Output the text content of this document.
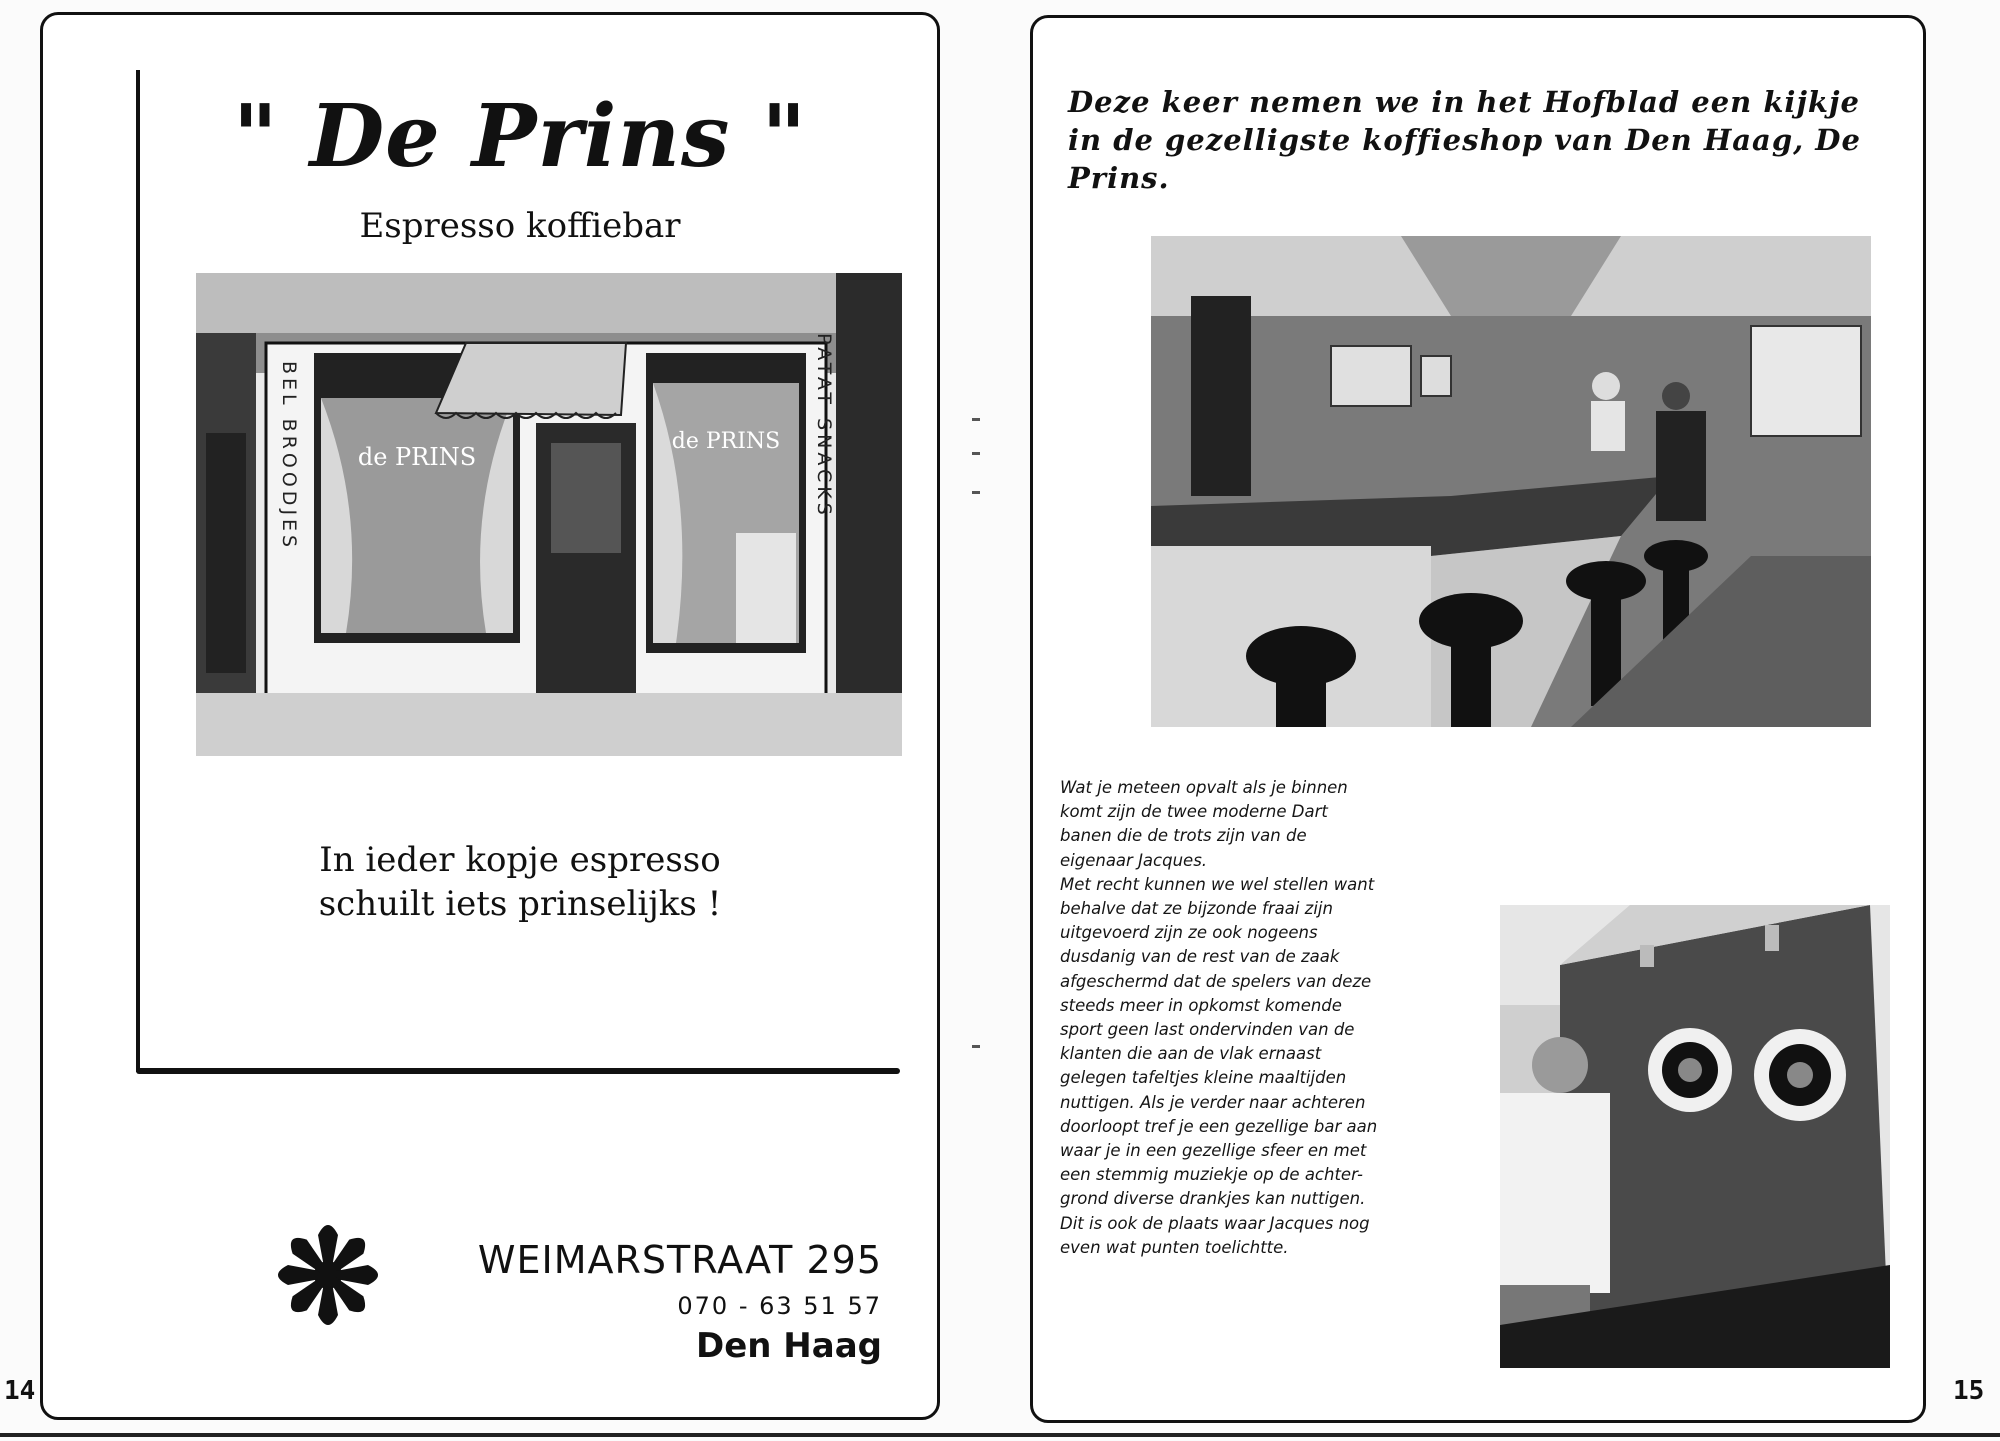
" De Prins "
Espresso koffiebar
de PRINS
de PRINS
BEL BROODJES	PATAT SNACKS
In ieder kopje espresso
schuilt iets prinselijks !
WEIMARSTRAAT 295
070 - 63 51 57
Den Haag
14
Deze keer nemen we in het Hofblad een kijkje in de gezelligste koffieshop van Den Haag, De Prins.
Wat je meteen opvalt als je binnen
komt zijn de twee moderne Dart
banen die de trots zijn van de
eigenaar Jacques.
Met recht kunnen we wel stellen want
behalve dat ze bijzonde fraai zijn
uitgevoerd zijn ze ook nogeens
dusdanig van de rest van de zaak
afgeschermd dat de spelers van deze
steeds meer in opkomst komende
sport geen last ondervinden van de
klanten die aan de vlak ernaast
gelegen tafeltjes kleine maaltijden
nuttigen. Als je verder naar achteren
doorloopt tref je een gezellige bar aan
waar je in een gezellige sfeer en met
een stemmig muziekje op de achter-
grond diverse drankjes kan nuttigen.
Dit is ook de plaats waar Jacques nog
even wat punten toelichtte.
15
